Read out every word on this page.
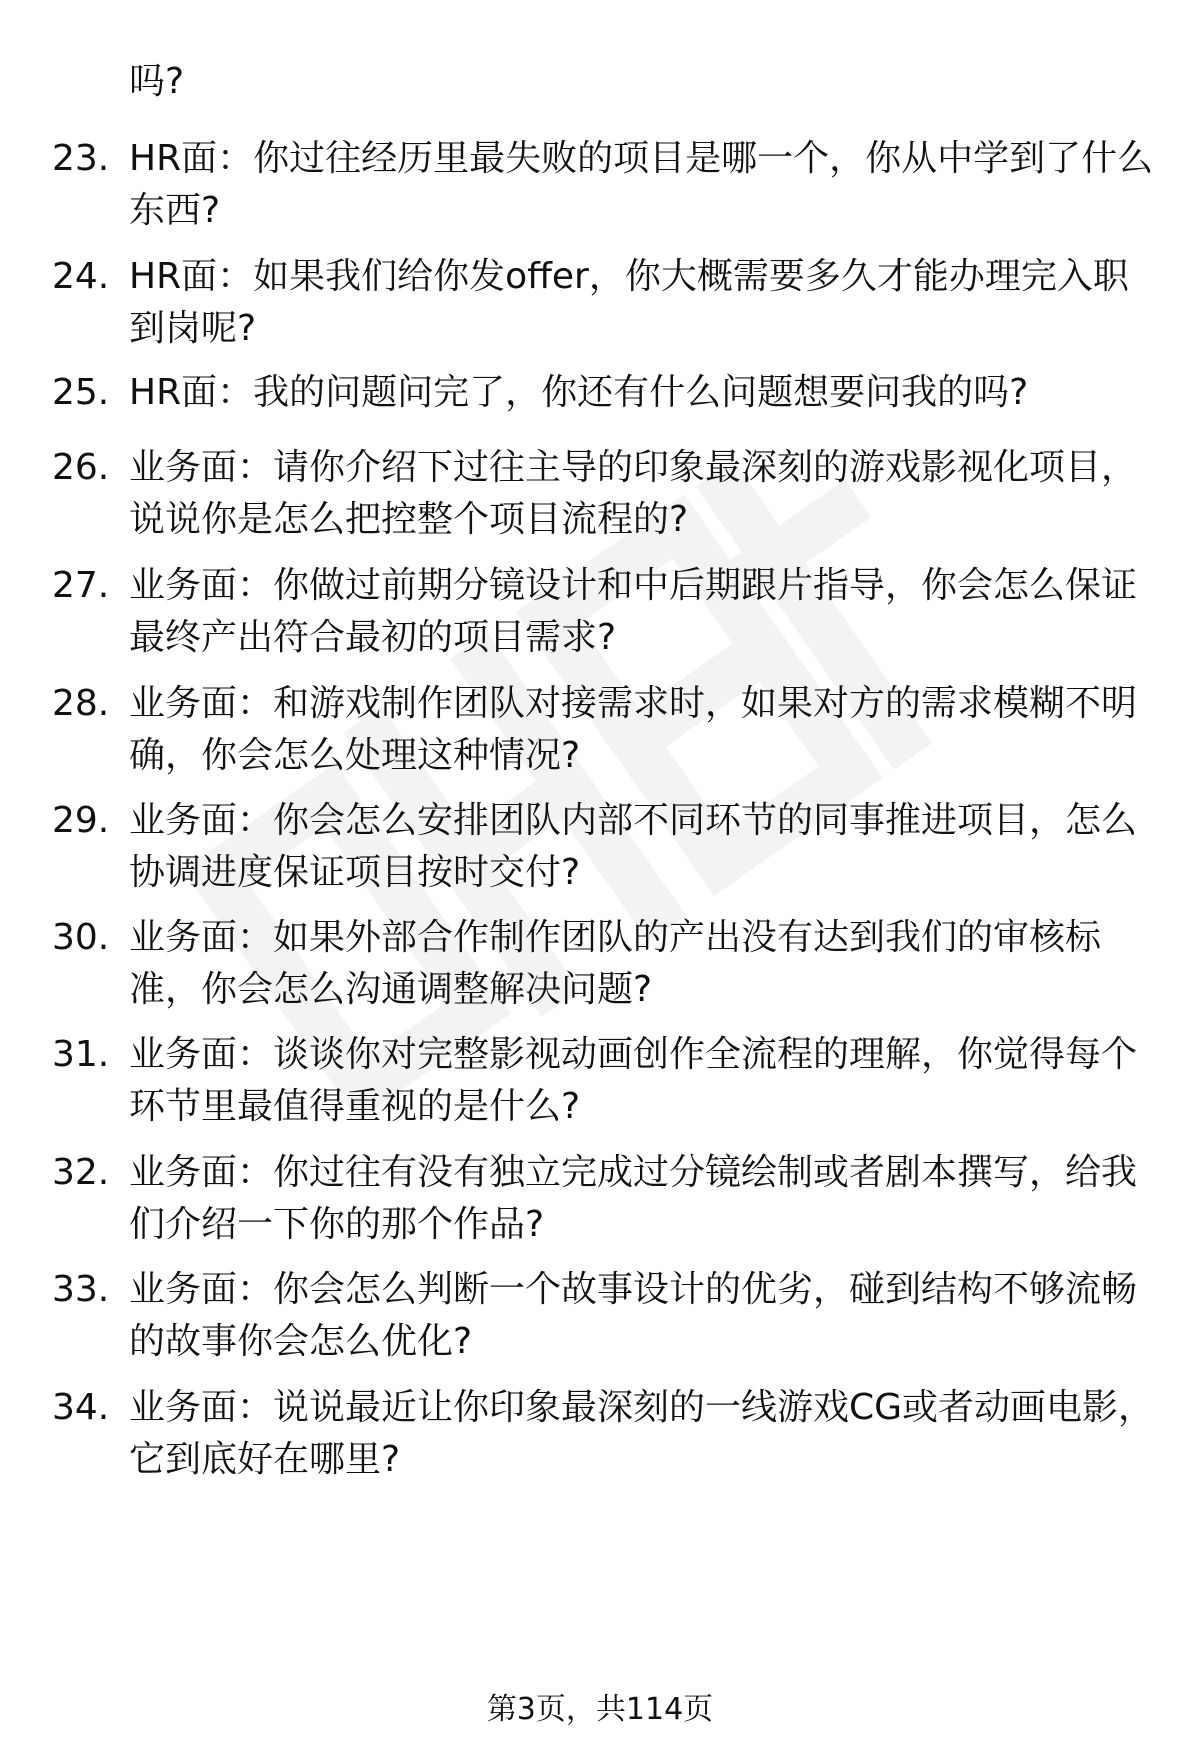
吗?
23. HR面：你过往经历里最失败的项目是哪一个，你从中学到了什么
东西?
24. HR面：如果我们给你发offer，你大概需要多久才能办理完入职
到岗呢?
25. HR面：我的问题问完了，你还有什么问题想要问我的吗?
26. 业务面：请你介绍下过往主导的印象最深刻的游戏影视化项目，
说说你是怎么把控整个项目流程的?
27. 业务面：你做过前期分镜设计和中后期跟片指导，你会怎么保证
最终产出符合最初的项目需求?
28. 业务面：和游戏制作团队对接需求时，如果对方的需求模糊不明
确，你会怎么处理这种情况?
29. 业务面：你会怎么安排团队内部不同环节的同事推进项目，怎么
协调进度保证项目按时交付?
30. 业务面：如果外部合作制作团队的产出没有达到我们的审核标
准，你会怎么沟通调整解决问题?
31. 业务面：谈谈你对完整影视动画创作全流程的理解，你觉得每个
环节里最值得重视的是什么?
32. 业务面：你过往有没有独立完成过分镜绘制或者剧本撰写，给我
们介绍一下你的那个作品?
33. 业务面：你会怎么判断一个故事设计的优劣，碰到结构不够流畅
的故事你会怎么优化?
34. 业务面：说说最近让你印象最深刻的一线游戏CG或者动画电影，
它到底好在哪里?
第3页，共114页
